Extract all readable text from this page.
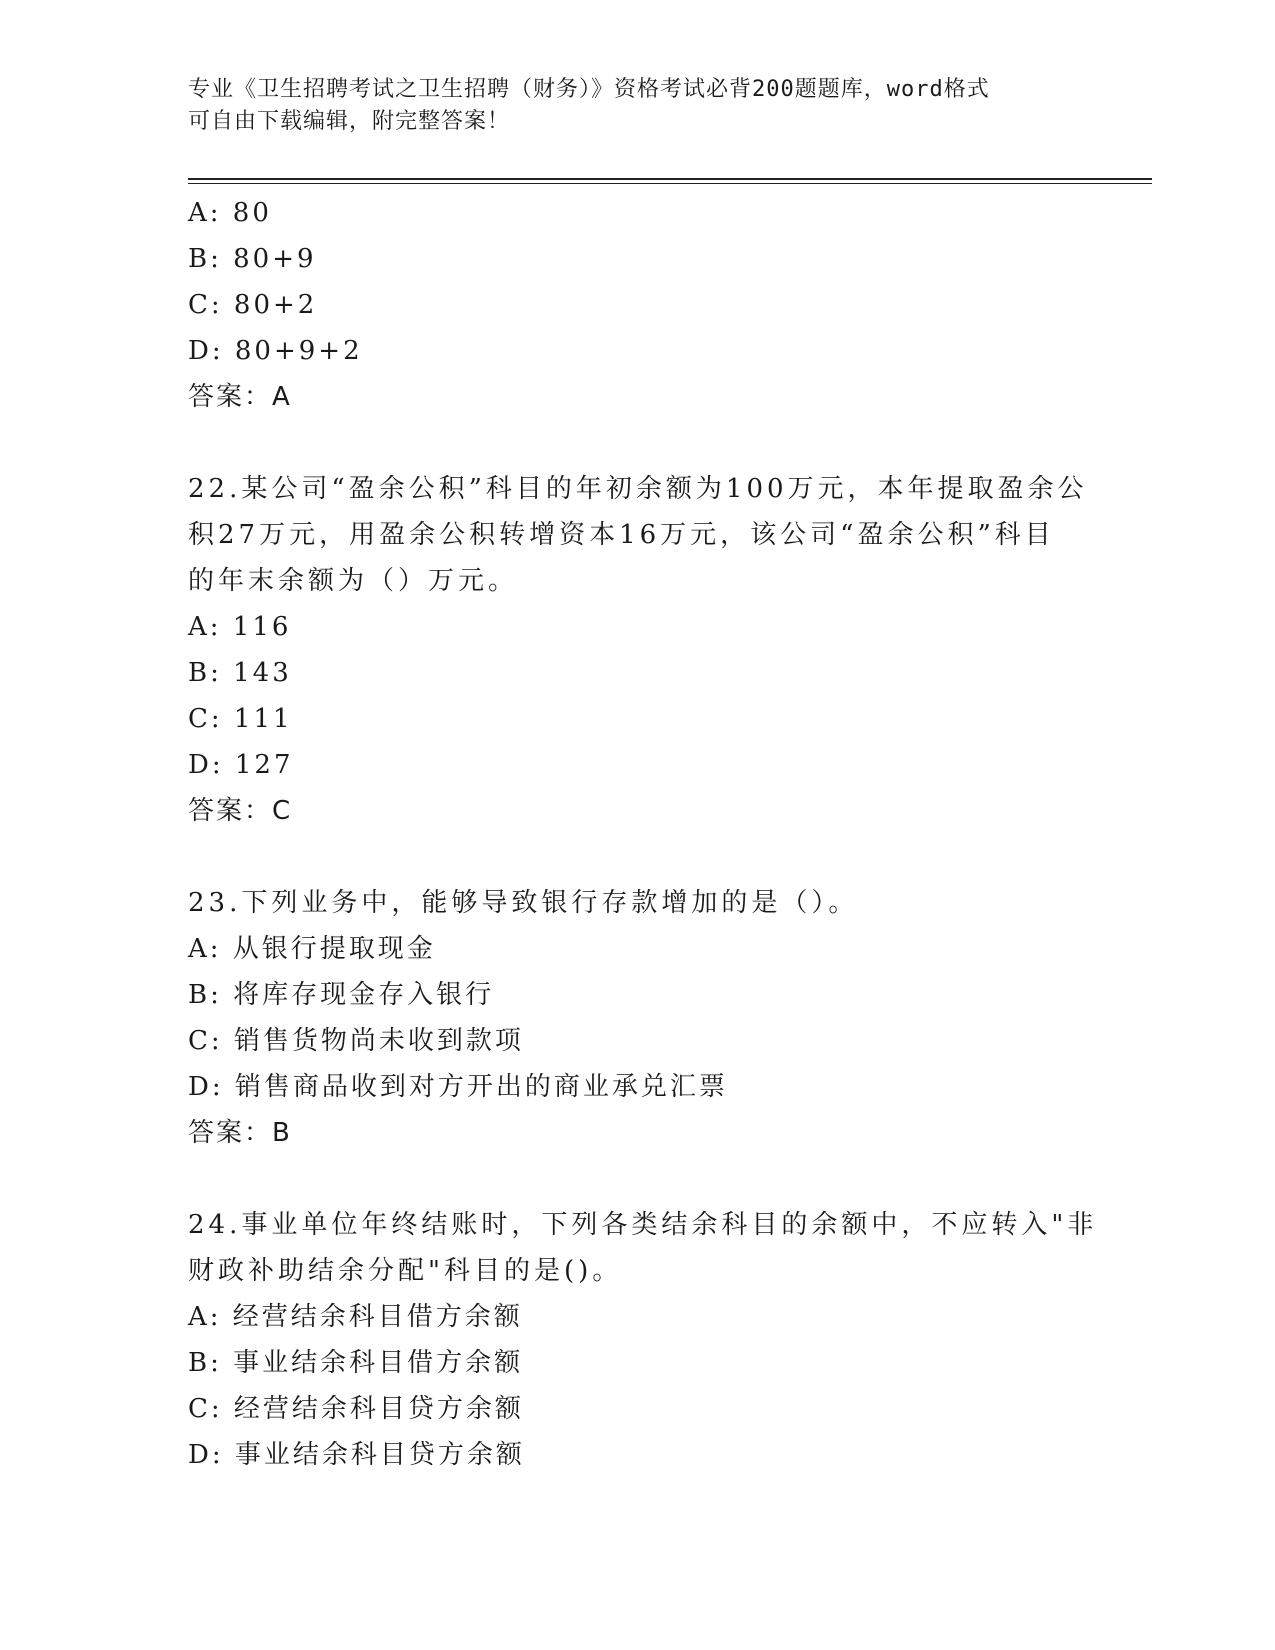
专业《卫生招聘考试之卫生招聘（财务）》资格考试必背200题题库，word格式
可自由下载编辑，附完整答案！
A: 80
B: 80+9
C: 80+2
D: 80+9+2
答案：A
22.某公司“盈余公积”科目的年初余额为100万元，本年提取盈余公
积27万元，用盈余公积转增资本16万元，该公司“盈余公积”科目
的年末余额为（）万元。
A: 116
B: 143
C: 111
D: 127
答案：C
23.下列业务中，能够导致银行存款增加的是（）。
A: 从银行提取现金
B: 将库存现金存入银行
C: 销售货物尚未收到款项
D: 销售商品收到对方开出的商业承兑汇票
答案：B
24.事业单位年终结账时，下列各类结余科目的余额中，不应转入"非
财政补助结余分配"科目的是()。
A: 经营结余科目借方余额
B: 事业结余科目借方余额
C: 经营结余科目贷方余额
D: 事业结余科目贷方余额
